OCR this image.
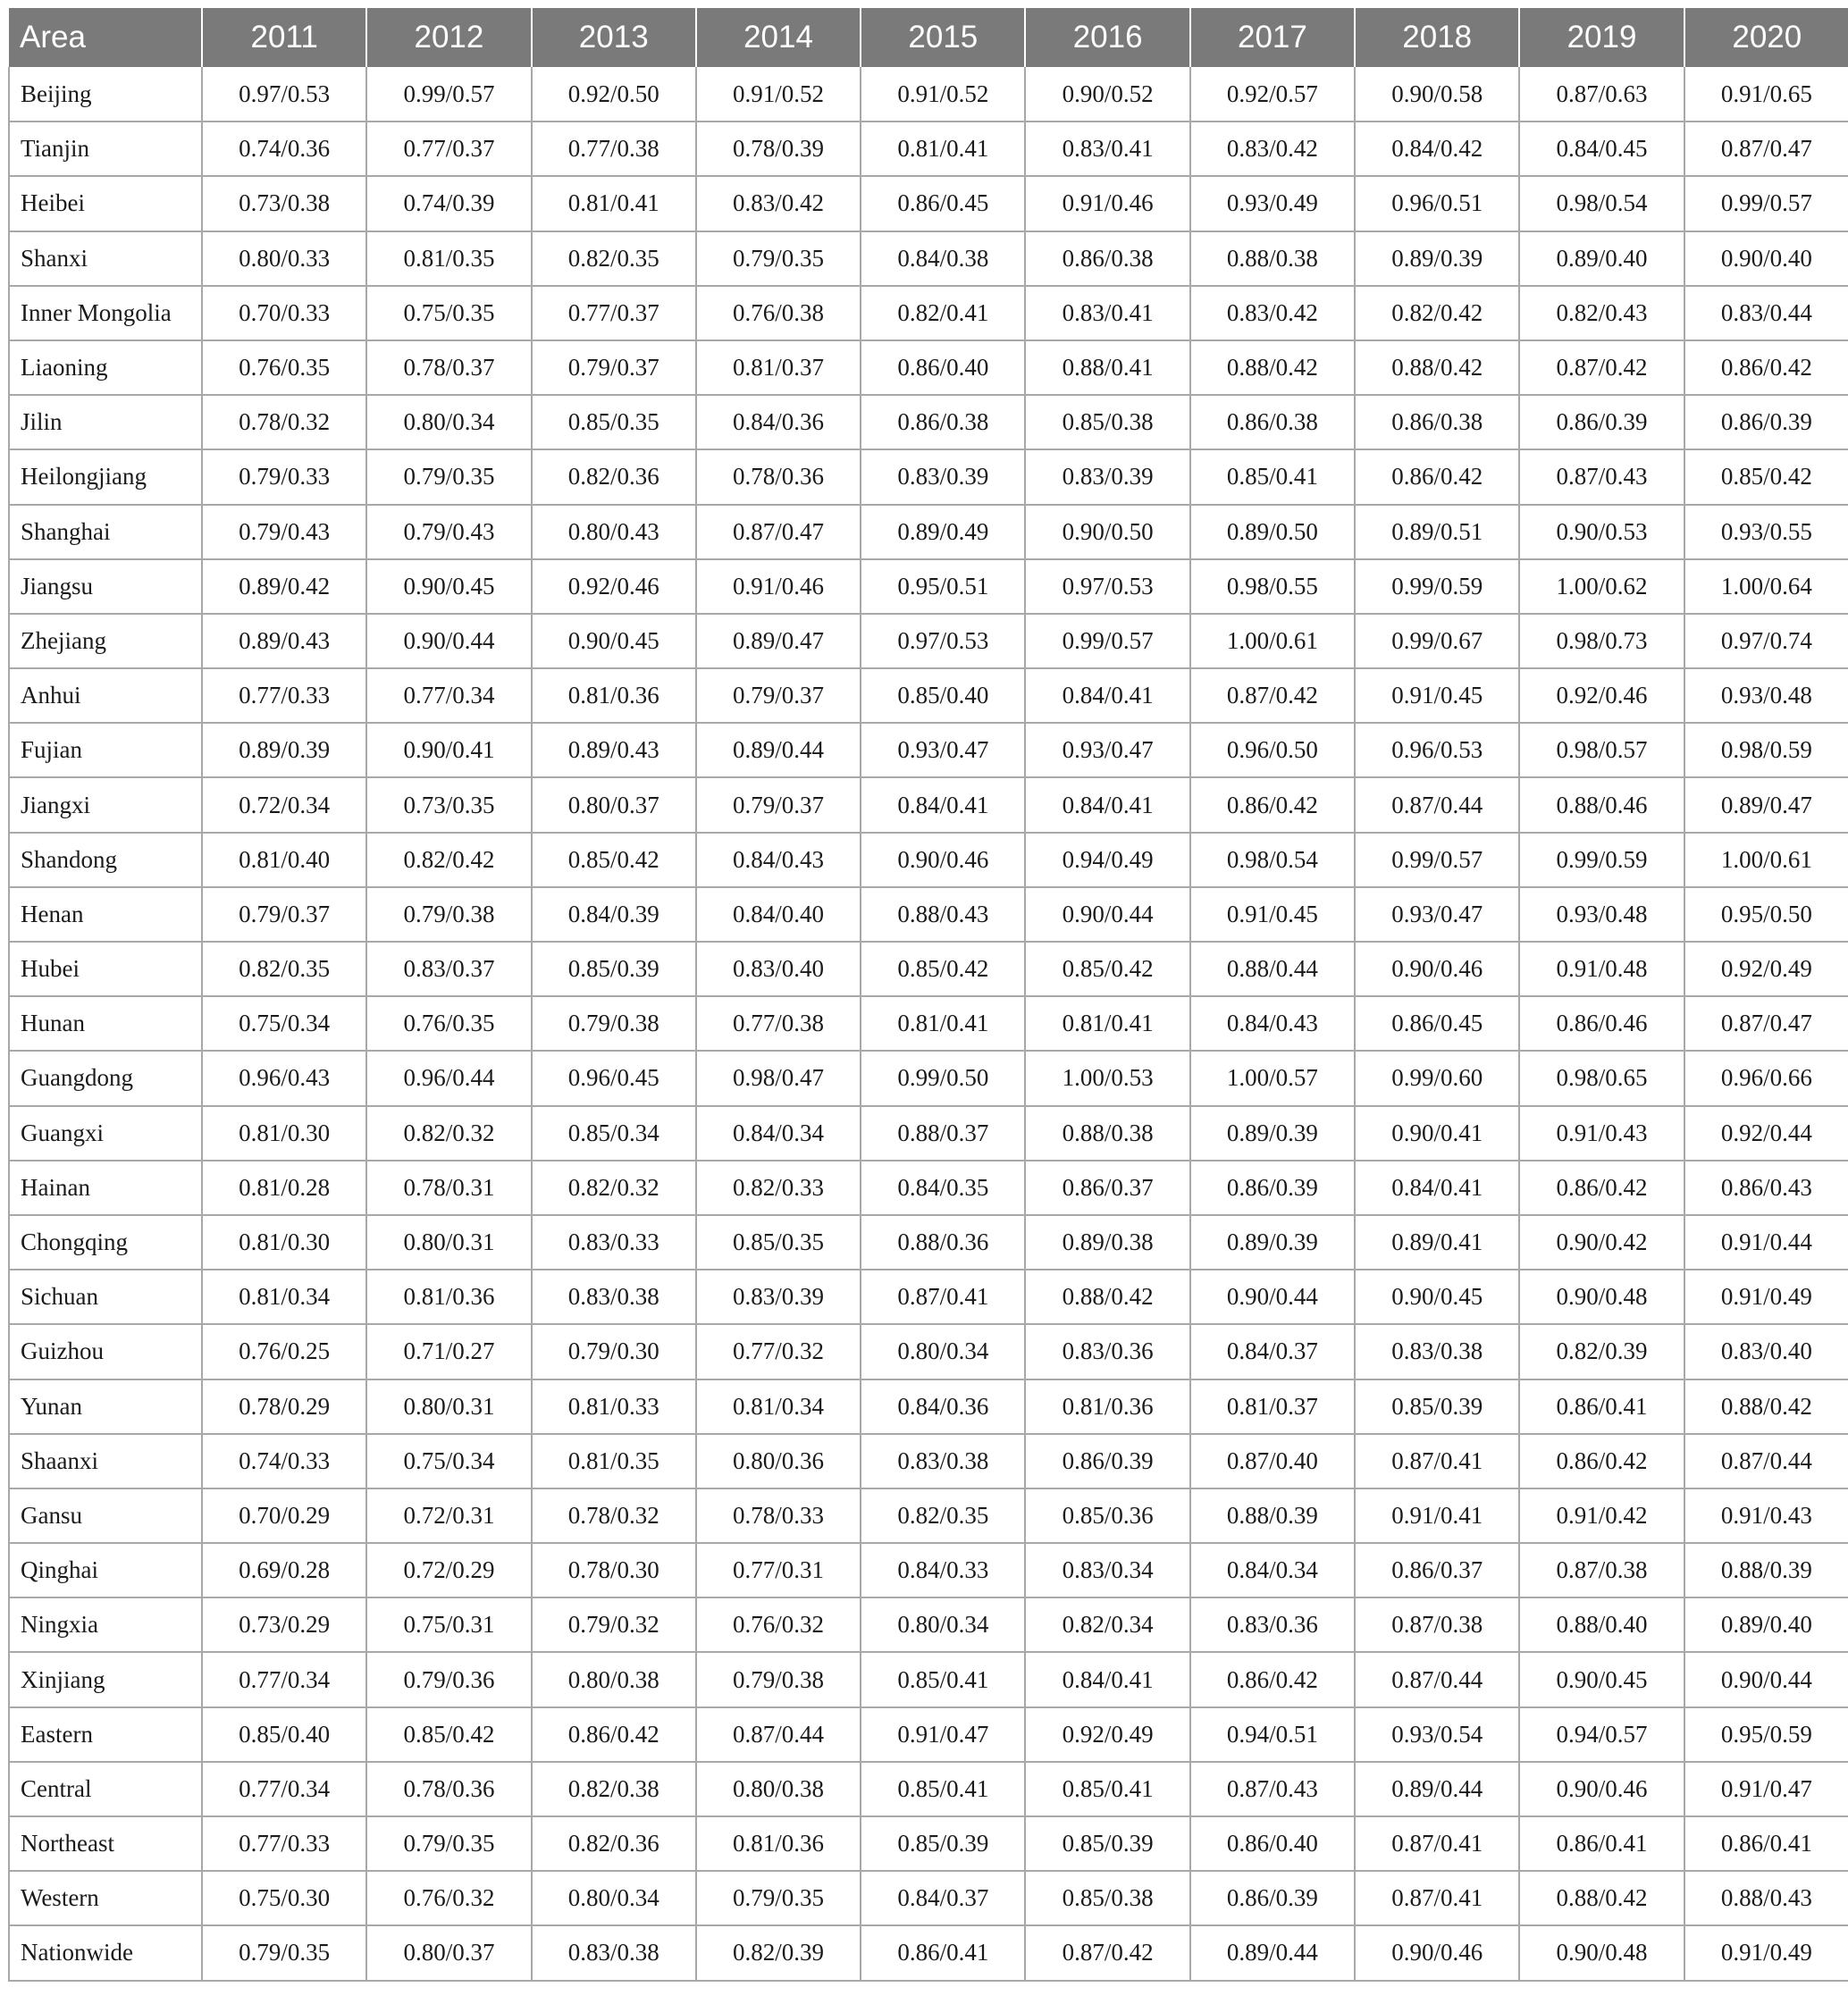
Area	2011	2012	2013	2014	2015	2016	2017	2018	2019	2020
Beijing	0.97/0.53	0.99/0.57	0.92/0.50	0.91/0.52	0.91/0.52	0.90/0.52	0.92/0.57	0.90/0.58	0.87/0.63	0.91/0.65
Tianjin	0.74/0.36	0.77/0.37	0.77/0.38	0.78/0.39	0.81/0.41	0.83/0.41	0.83/0.42	0.84/0.42	0.84/0.45	0.87/0.47
Heibei	0.73/0.38	0.74/0.39	0.81/0.41	0.83/0.42	0.86/0.45	0.91/0.46	0.93/0.49	0.96/0.51	0.98/0.54	0.99/0.57
Shanxi	0.80/0.33	0.81/0.35	0.82/0.35	0.79/0.35	0.84/0.38	0.86/0.38	0.88/0.38	0.89/0.39	0.89/0.40	0.90/0.40
Inner Mongolia	0.70/0.33	0.75/0.35	0.77/0.37	0.76/0.38	0.82/0.41	0.83/0.41	0.83/0.42	0.82/0.42	0.82/0.43	0.83/0.44
Liaoning	0.76/0.35	0.78/0.37	0.79/0.37	0.81/0.37	0.86/0.40	0.88/0.41	0.88/0.42	0.88/0.42	0.87/0.42	0.86/0.42
Jilin	0.78/0.32	0.80/0.34	0.85/0.35	0.84/0.36	0.86/0.38	0.85/0.38	0.86/0.38	0.86/0.38	0.86/0.39	0.86/0.39
Heilongjiang	0.79/0.33	0.79/0.35	0.82/0.36	0.78/0.36	0.83/0.39	0.83/0.39	0.85/0.41	0.86/0.42	0.87/0.43	0.85/0.42
Shanghai	0.79/0.43	0.79/0.43	0.80/0.43	0.87/0.47	0.89/0.49	0.90/0.50	0.89/0.50	0.89/0.51	0.90/0.53	0.93/0.55
Jiangsu	0.89/0.42	0.90/0.45	0.92/0.46	0.91/0.46	0.95/0.51	0.97/0.53	0.98/0.55	0.99/0.59	1.00/0.62	1.00/0.64
Zhejiang	0.89/0.43	0.90/0.44	0.90/0.45	0.89/0.47	0.97/0.53	0.99/0.57	1.00/0.61	0.99/0.67	0.98/0.73	0.97/0.74
Anhui	0.77/0.33	0.77/0.34	0.81/0.36	0.79/0.37	0.85/0.40	0.84/0.41	0.87/0.42	0.91/0.45	0.92/0.46	0.93/0.48
Fujian	0.89/0.39	0.90/0.41	0.89/0.43	0.89/0.44	0.93/0.47	0.93/0.47	0.96/0.50	0.96/0.53	0.98/0.57	0.98/0.59
Jiangxi	0.72/0.34	0.73/0.35	0.80/0.37	0.79/0.37	0.84/0.41	0.84/0.41	0.86/0.42	0.87/0.44	0.88/0.46	0.89/0.47
Shandong	0.81/0.40	0.82/0.42	0.85/0.42	0.84/0.43	0.90/0.46	0.94/0.49	0.98/0.54	0.99/0.57	0.99/0.59	1.00/0.61
Henan	0.79/0.37	0.79/0.38	0.84/0.39	0.84/0.40	0.88/0.43	0.90/0.44	0.91/0.45	0.93/0.47	0.93/0.48	0.95/0.50
Hubei	0.82/0.35	0.83/0.37	0.85/0.39	0.83/0.40	0.85/0.42	0.85/0.42	0.88/0.44	0.90/0.46	0.91/0.48	0.92/0.49
Hunan	0.75/0.34	0.76/0.35	0.79/0.38	0.77/0.38	0.81/0.41	0.81/0.41	0.84/0.43	0.86/0.45	0.86/0.46	0.87/0.47
Guangdong	0.96/0.43	0.96/0.44	0.96/0.45	0.98/0.47	0.99/0.50	1.00/0.53	1.00/0.57	0.99/0.60	0.98/0.65	0.96/0.66
Guangxi	0.81/0.30	0.82/0.32	0.85/0.34	0.84/0.34	0.88/0.37	0.88/0.38	0.89/0.39	0.90/0.41	0.91/0.43	0.92/0.44
Hainan	0.81/0.28	0.78/0.31	0.82/0.32	0.82/0.33	0.84/0.35	0.86/0.37	0.86/0.39	0.84/0.41	0.86/0.42	0.86/0.43
Chongqing	0.81/0.30	0.80/0.31	0.83/0.33	0.85/0.35	0.88/0.36	0.89/0.38	0.89/0.39	0.89/0.41	0.90/0.42	0.91/0.44
Sichuan	0.81/0.34	0.81/0.36	0.83/0.38	0.83/0.39	0.87/0.41	0.88/0.42	0.90/0.44	0.90/0.45	0.90/0.48	0.91/0.49
Guizhou	0.76/0.25	0.71/0.27	0.79/0.30	0.77/0.32	0.80/0.34	0.83/0.36	0.84/0.37	0.83/0.38	0.82/0.39	0.83/0.40
Yunan	0.78/0.29	0.80/0.31	0.81/0.33	0.81/0.34	0.84/0.36	0.81/0.36	0.81/0.37	0.85/0.39	0.86/0.41	0.88/0.42
Shaanxi	0.74/0.33	0.75/0.34	0.81/0.35	0.80/0.36	0.83/0.38	0.86/0.39	0.87/0.40	0.87/0.41	0.86/0.42	0.87/0.44
Gansu	0.70/0.29	0.72/0.31	0.78/0.32	0.78/0.33	0.82/0.35	0.85/0.36	0.88/0.39	0.91/0.41	0.91/0.42	0.91/0.43
Qinghai	0.69/0.28	0.72/0.29	0.78/0.30	0.77/0.31	0.84/0.33	0.83/0.34	0.84/0.34	0.86/0.37	0.87/0.38	0.88/0.39
Ningxia	0.73/0.29	0.75/0.31	0.79/0.32	0.76/0.32	0.80/0.34	0.82/0.34	0.83/0.36	0.87/0.38	0.88/0.40	0.89/0.40
Xinjiang	0.77/0.34	0.79/0.36	0.80/0.38	0.79/0.38	0.85/0.41	0.84/0.41	0.86/0.42	0.87/0.44	0.90/0.45	0.90/0.44
Eastern	0.85/0.40	0.85/0.42	0.86/0.42	0.87/0.44	0.91/0.47	0.92/0.49	0.94/0.51	0.93/0.54	0.94/0.57	0.95/0.59
Central	0.77/0.34	0.78/0.36	0.82/0.38	0.80/0.38	0.85/0.41	0.85/0.41	0.87/0.43	0.89/0.44	0.90/0.46	0.91/0.47
Northeast	0.77/0.33	0.79/0.35	0.82/0.36	0.81/0.36	0.85/0.39	0.85/0.39	0.86/0.40	0.87/0.41	0.86/0.41	0.86/0.41
Western	0.75/0.30	0.76/0.32	0.80/0.34	0.79/0.35	0.84/0.37	0.85/0.38	0.86/0.39	0.87/0.41	0.88/0.42	0.88/0.43
Nationwide	0.79/0.35	0.80/0.37	0.83/0.38	0.82/0.39	0.86/0.41	0.87/0.42	0.89/0.44	0.90/0.46	0.90/0.48	0.91/0.49
